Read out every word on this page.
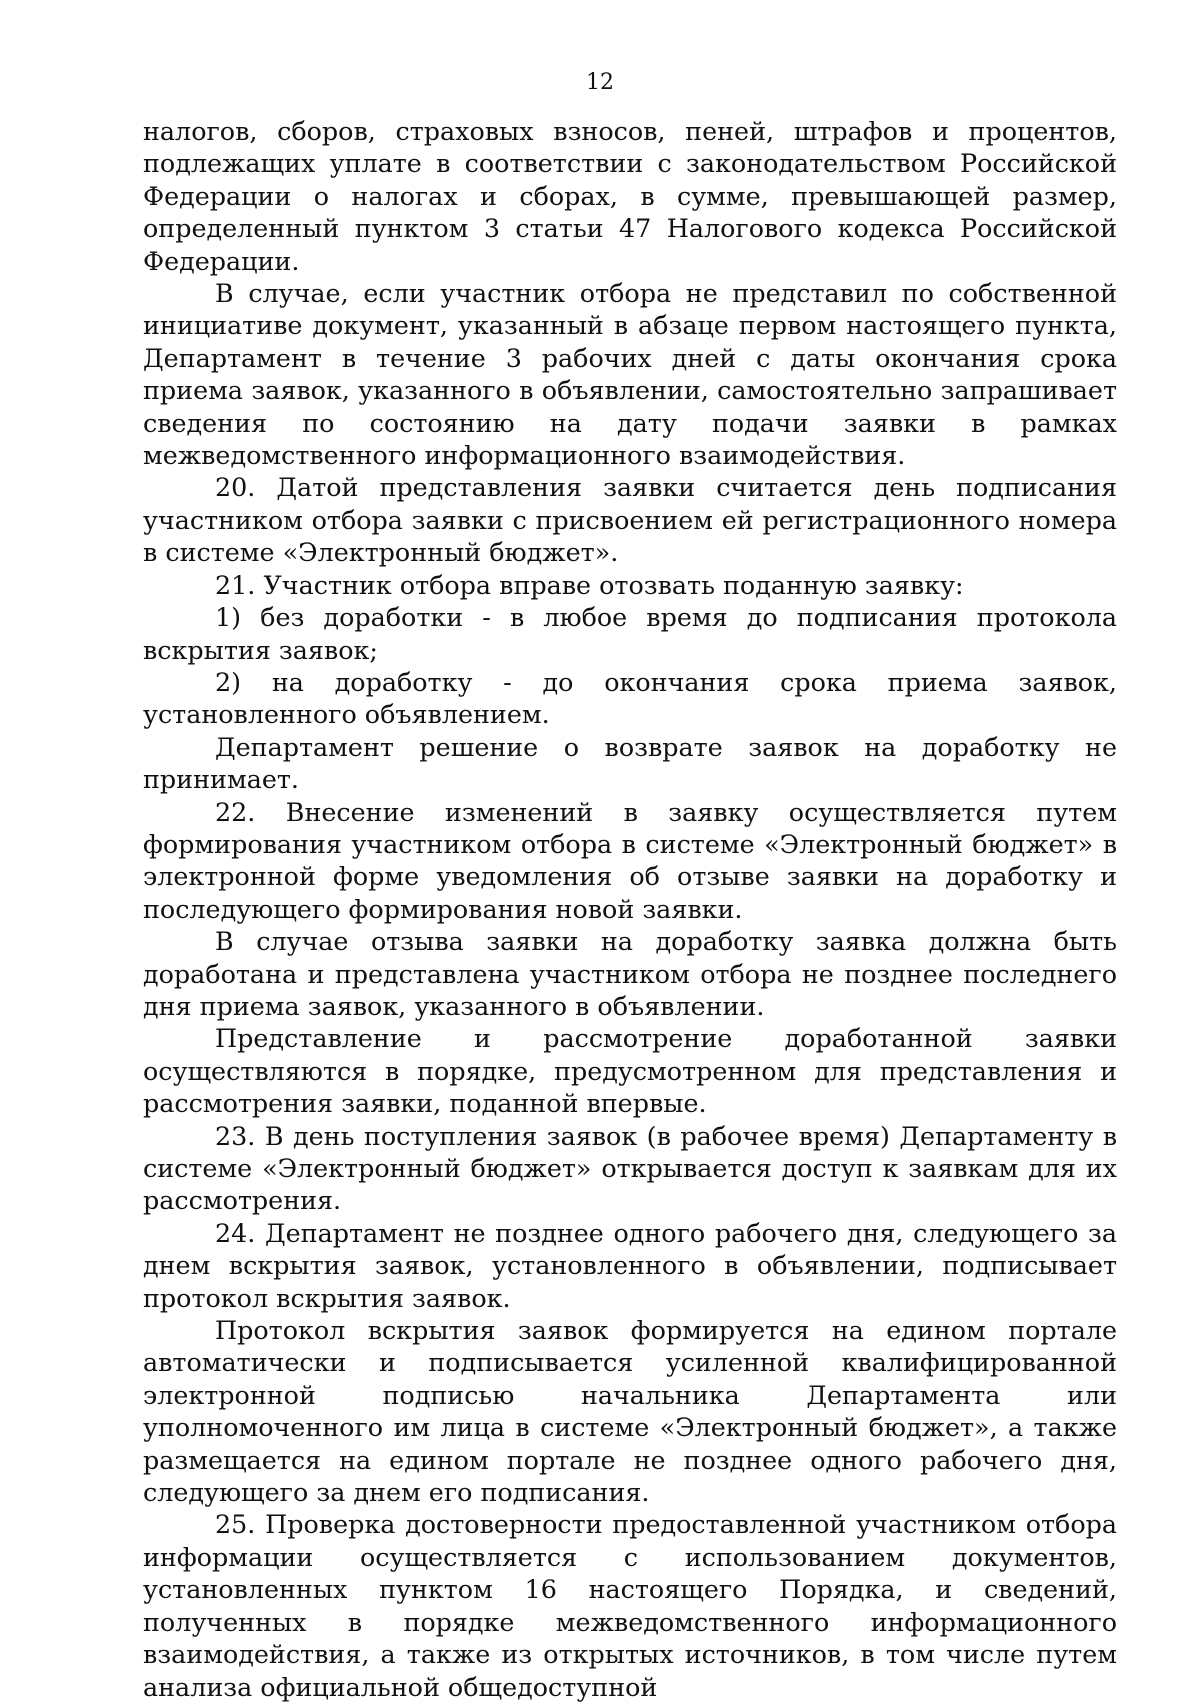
12

налогов, сборов, страховых взносов, пеней, штрафов и процентов, подлежащих уплате в соответствии с законодательством Российской Федерации о налогах и сборах, в сумме, превышающей размер, определенный пунктом 3 статьи 47 Налогового кодекса Российской Федерации.

В случае, если участник отбора не представил по собственной инициативе документ, указанный в абзаце первом настоящего пункта, Департамент в течение 3 рабочих дней с даты окончания срока приема заявок, указанного в объявлении, самостоятельно запрашивает сведения по состоянию на дату подачи заявки в рамках межведомственного информационного взаимодействия.

20. Датой представления заявки считается день подписания участником отбора заявки с присвоением ей регистрационного номера в системе «Электронный бюджет».

21. Участник отбора вправе отозвать поданную заявку:

1) без доработки - в любое время до подписания протокола вскрытия заявок;

2) на доработку - до окончания срока приема заявок, установленного объявлением.

Департамент решение о возврате заявок на доработку не принимает.

22. Внесение изменений в заявку осуществляется путем формирования участником отбора в системе «Электронный бюджет» в электронной форме уведомления об отзыве заявки на доработку и последующего формирования новой заявки.

В случае отзыва заявки на доработку заявка должна быть доработана и представлена участником отбора не позднее последнего дня приема заявок, указанного в объявлении.

Представление и рассмотрение доработанной заявки осуществляются в порядке, предусмотренном для представления и рассмотрения заявки, поданной впервые.

23. В день поступления заявок (в рабочее время) Департаменту в системе «Электронный бюджет» открывается доступ к заявкам для их рассмотрения.

24. Департамент не позднее одного рабочего дня, следующего за днем вскрытия заявок, установленного в объявлении, подписывает протокол вскрытия заявок.

Протокол вскрытия заявок формируется на едином портале автоматически и подписывается усиленной квалифицированной электронной подписью начальника Департамента или уполномоченного им лица в системе «Электронный бюджет», а также размещается на едином портале не позднее одного рабочего дня, следующего за днем его подписания.

25. Проверка достоверности предоставленной участником отбора информации осуществляется с использованием документов, установленных пунктом 16 настоящего Порядка, и сведений, полученных в порядке межведомственного информационного взаимодействия, а также из открытых источников, в том числе путем анализа официальной общедоступной
